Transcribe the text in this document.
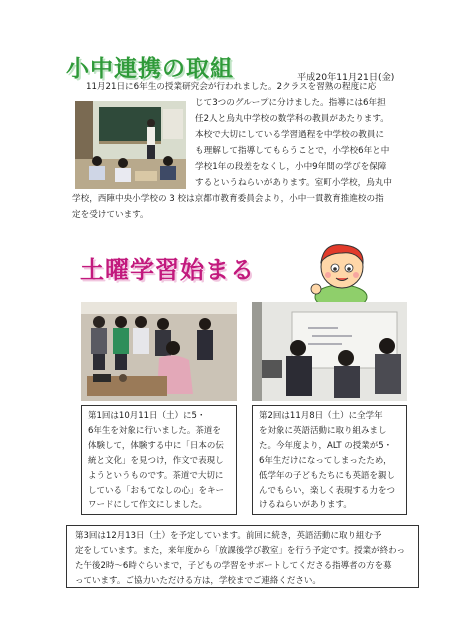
小中連携の取組	平成20年11月21日(金)
11月21日に6年生の授業研究会が行われました。2クラスを習熟の程度に応
じて3つのグループに分けました。指導には6年担
任2人と烏丸中学校の数学科の教員があたります。
本校で大切にしている学習過程を中学校の教員に
も理解して指導してもらうことで，小学校6年と中
学校1年の段差をなくし，小中9年間の学びを保障
するというねらいがあります。室町小学校，烏丸中
学校，西陣中央小学校の 3 校は京都市教育委員会より，小中一貫教育推進校の指
定を受けています。
土曜学習始まる
第1回は10月11日（土）に5・
6年生を対象に行いました。茶道を
体験して，体験する中に「日本の伝
統と文化」を見つけ，作文で表現し
ようというものです。茶道で大切に
している「おもてなしの心」をキー
ワードにして作文にしました。
第2回は11月8日（土）に全学年
を対象に英語活動に取り組みまし
た。今年度より，ALT の授業が5・
6年生だけになってしまったため，
低学年の子どもたちにも英語を親し
んでもらい，楽しく表現する力をつ
けるねらいがあります。
第3回は12月13日（土）を予定しています。前回に続き，英語活動に取り組む予
定をしています。また，来年度から「放課後学び教室」を行う予定です。授業が終わっ
た午後2時～6時ぐらいまで，子どもの学習をサポートしてくださる指導者の方を募
っています。ご協力いただける方は，学校までご連絡ください。
